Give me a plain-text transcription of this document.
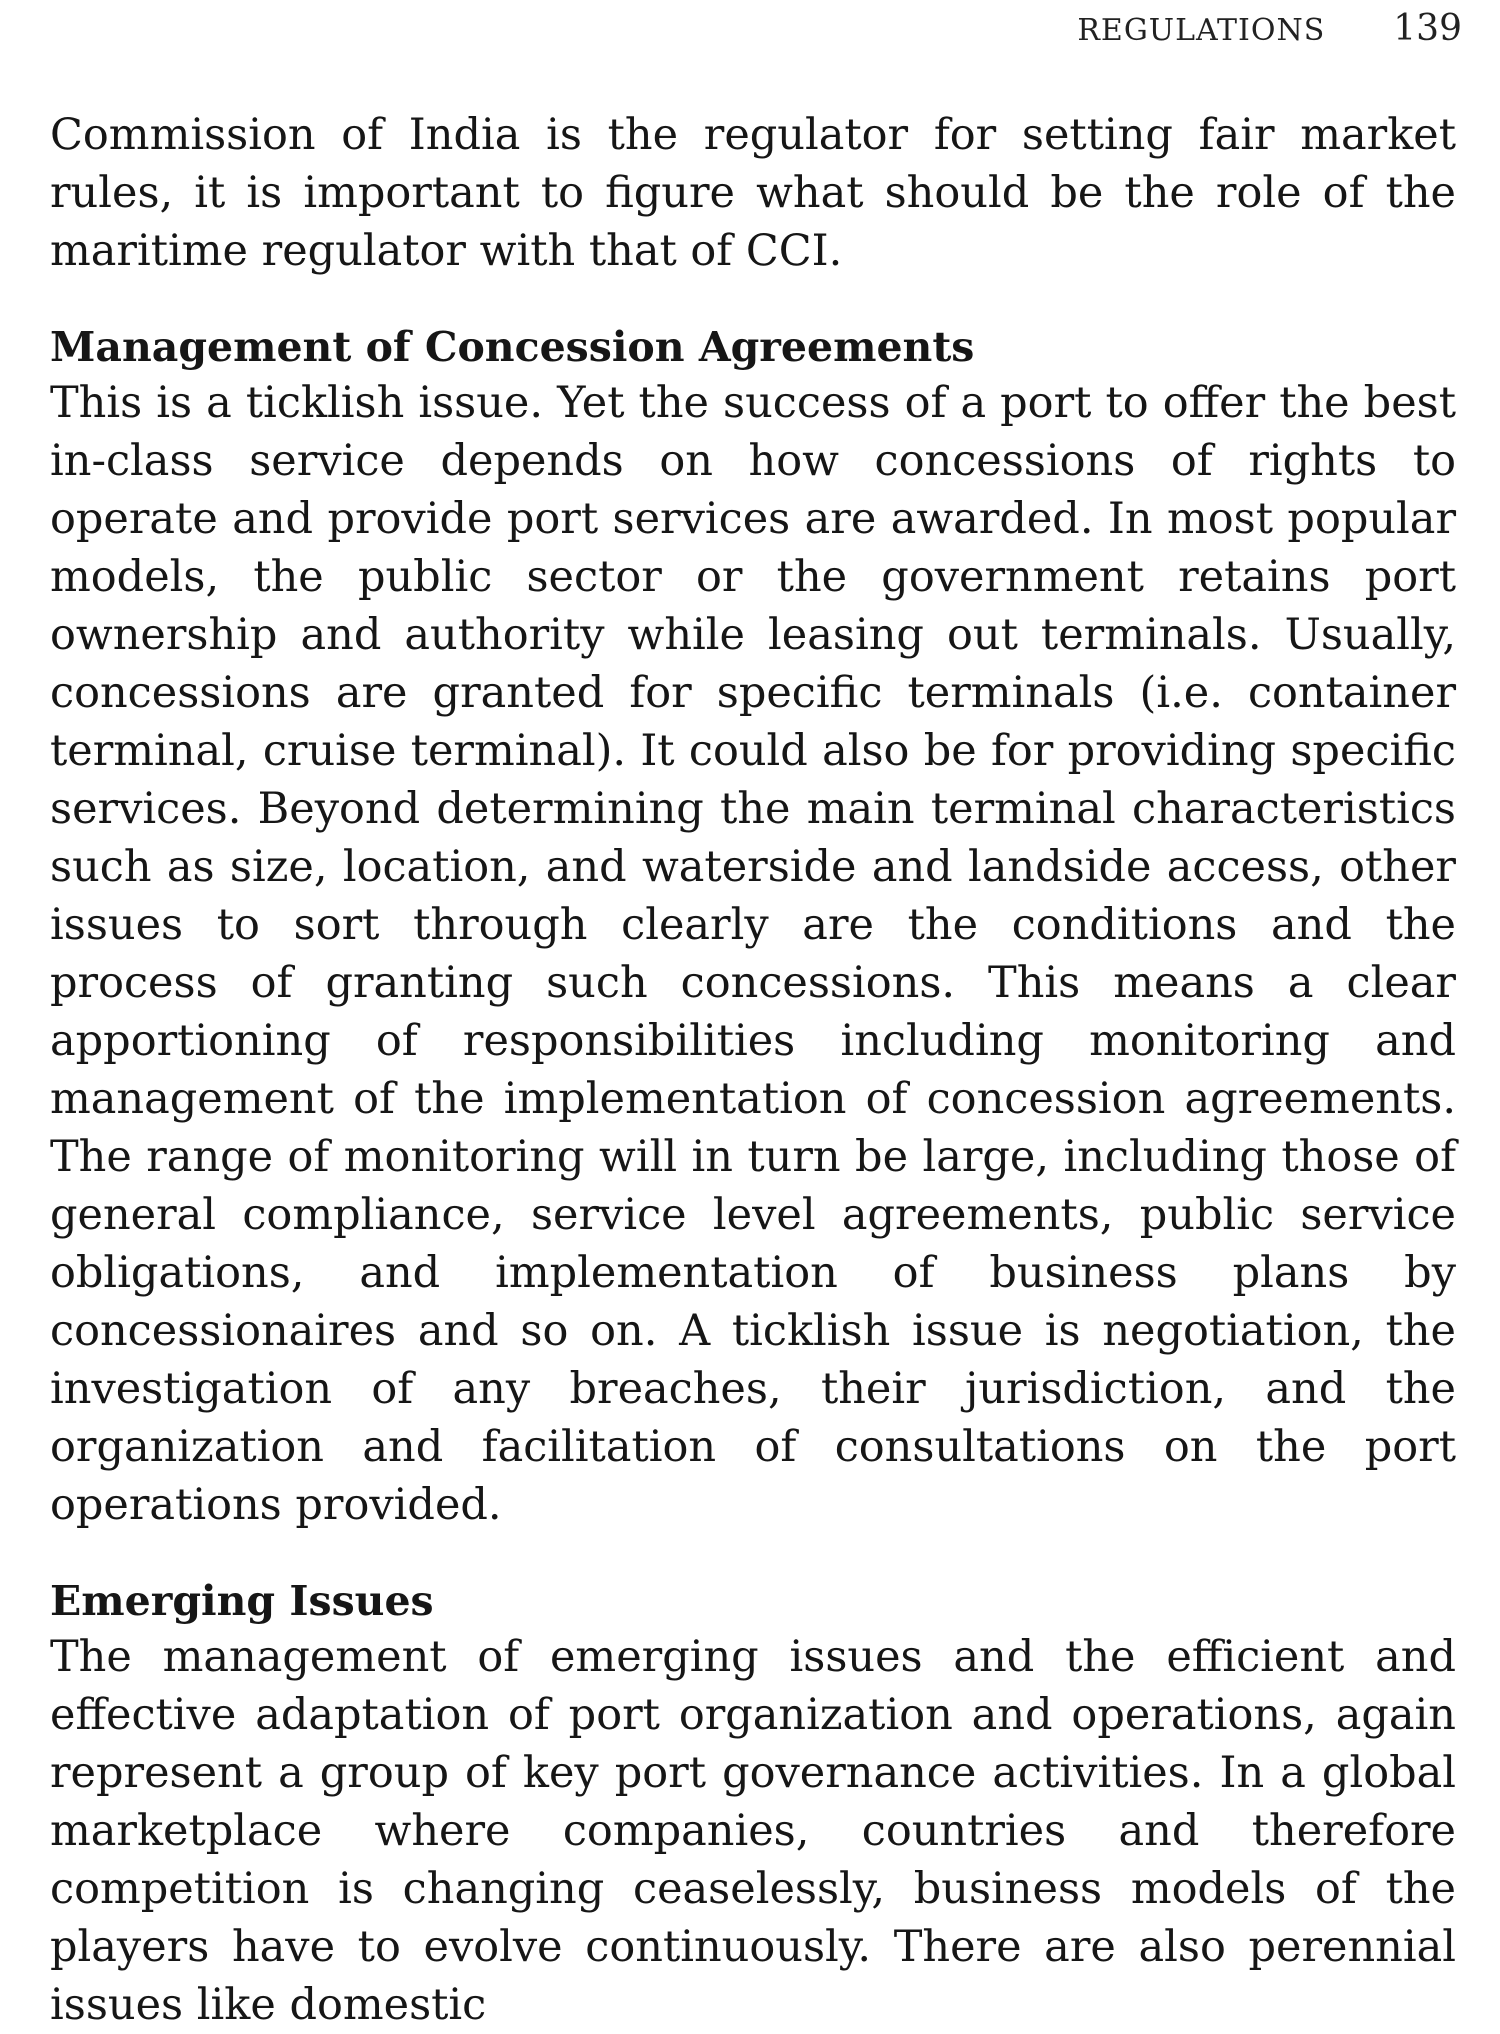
REGULATIONS 139

Commission of India is the regulator for setting fair market rules, it is important to figure what should be the role of the maritime regulator with that of CCI.

Management of Concession Agreements

This is a ticklish issue. Yet the success of a port to offer the best in-class service depends on how concessions of rights to operate and provide port services are awarded. In most popular models, the public sector or the government retains port ownership and authority while leasing out terminals. Usually, concessions are granted for specific terminals (i.e. container terminal, cruise terminal). It could also be for providing specific services. Beyond determining the main terminal characteristics such as size, location, and waterside and landside access, other issues to sort through clearly are the conditions and the process of granting such concessions. This means a clear apportioning of responsibilities including monitoring and management of the implementation of concession agreements. The range of monitoring will in turn be large, including those of general compliance, service level agreements, public service obligations, and implementation of business plans by concessionaires and so on. A ticklish issue is negotiation, the investigation of any breaches, their jurisdiction, and the organization and facilitation of consultations on the port operations provided.

Emerging Issues

The management of emerging issues and the efficient and effective adaptation of port organization and operations, again represent a group of key port governance activities. In a global marketplace where companies, countries and therefore competition is changing ceaselessly, business models of the players have to evolve continuously. There are also perennial issues like domestic
